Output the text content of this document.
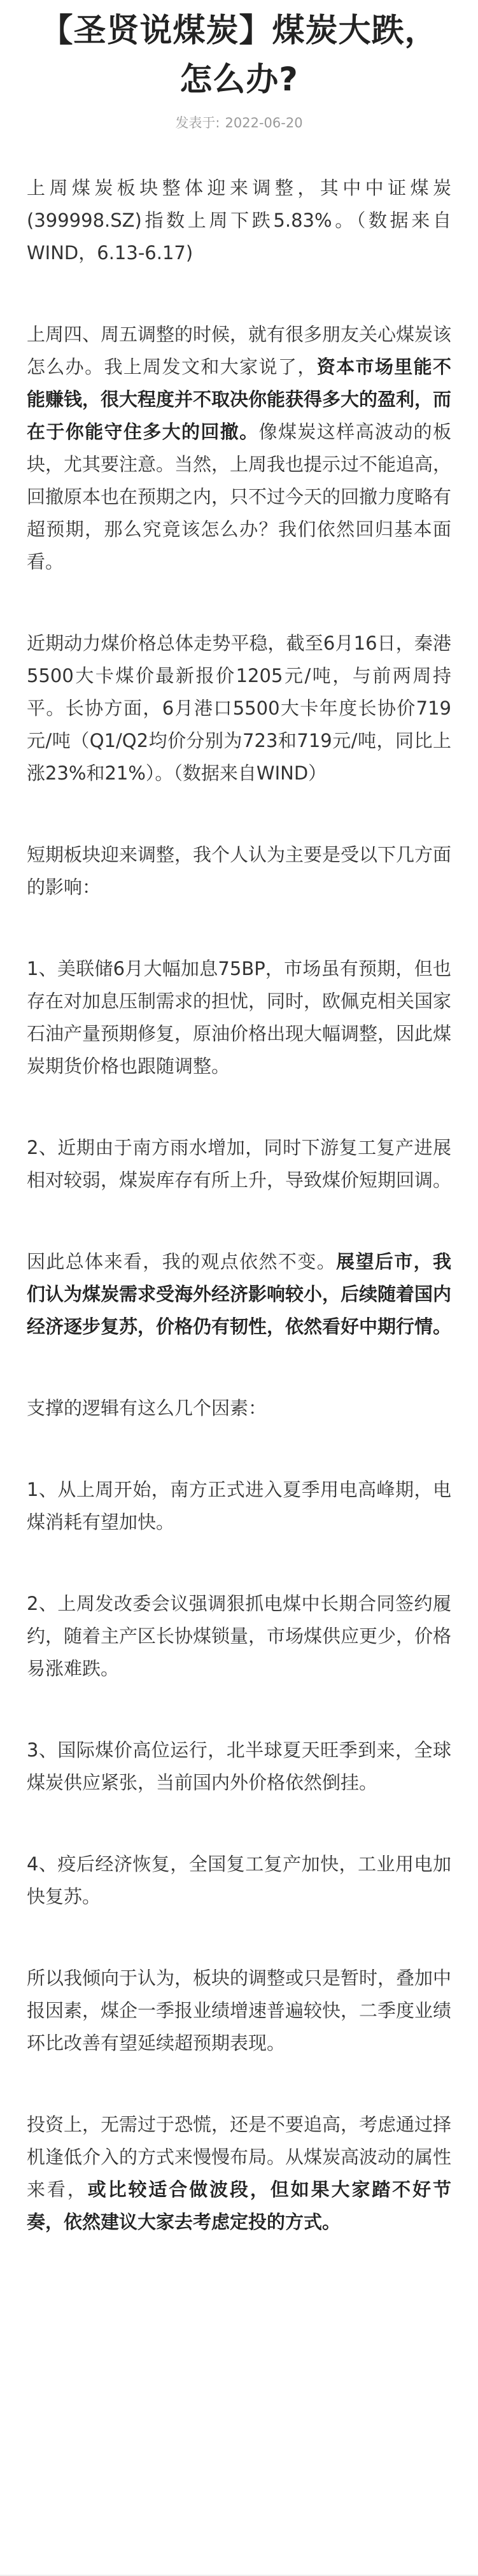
【圣贤说煤炭】煤炭大跌，怎么办?
发表于: 2022-06-20

上周煤炭板块整体迎来调整，其中中证煤炭(399998.SZ)指数上周下跌5.83%。（数据来自WIND，6.13-6.17)

上周四、周五调整的时候，就有很多朋友关心煤炭该怎么办。我上周发文和大家说了，资本市场里能不能赚钱，很大程度并不取决你能获得多大的盈利，而在于你能守住多大的回撤。像煤炭这样高波动的板块，尤其要注意。当然，上周我也提示过不能追高，回撤原本也在预期之内，只不过今天的回撤力度略有超预期，那么究竟该怎么办？我们依然回归基本面看。

近期动力煤价格总体走势平稳，截至6月16日，秦港5500大卡煤价最新报价1205元/吨，与前两周持平。长协方面，6月港口5500大卡年度长协价719元/吨（Q1/Q2均价分别为723和719元/吨，同比上涨23%和21%）。（数据来自WIND）

短期板块迎来调整，我个人认为主要是受以下几方面的影响：

1、美联储6月大幅加息75BP，市场虽有预期，但也存在对加息压制需求的担忧，同时，欧佩克相关国家石油产量预期修复，原油价格出现大幅调整，因此煤炭期货价格也跟随调整。

2、近期由于南方雨水增加，同时下游复工复产进展相对较弱，煤炭库存有所上升，导致煤价短期回调。

因此总体来看，我的观点依然不变。展望后市，我们认为煤炭需求受海外经济影响较小，后续随着国内经济逐步复苏，价格仍有韧性，依然看好中期行情。

支撑的逻辑有这么几个因素：

1、从上周开始，南方正式进入夏季用电高峰期，电煤消耗有望加快。

2、上周发改委会议强调狠抓电煤中长期合同签约履约，随着主产区长协煤锁量，市场煤供应更少，价格易涨难跌。

3、国际煤价高位运行，北半球夏天旺季到来，全球煤炭供应紧张，当前国内外价格依然倒挂。

4、疫后经济恢复，全国复工复产加快，工业用电加快复苏。

所以我倾向于认为，板块的调整或只是暂时，叠加中报因素，煤企一季报业绩增速普遍较快，二季度业绩环比改善有望延续超预期表现。

投资上，无需过于恐慌，还是不要追高，考虑通过择机逢低介入的方式来慢慢布局。从煤炭高波动的属性来看，或比较适合做波段，但如果大家踏不好节奏，依然建议大家去考虑定投的方式。
